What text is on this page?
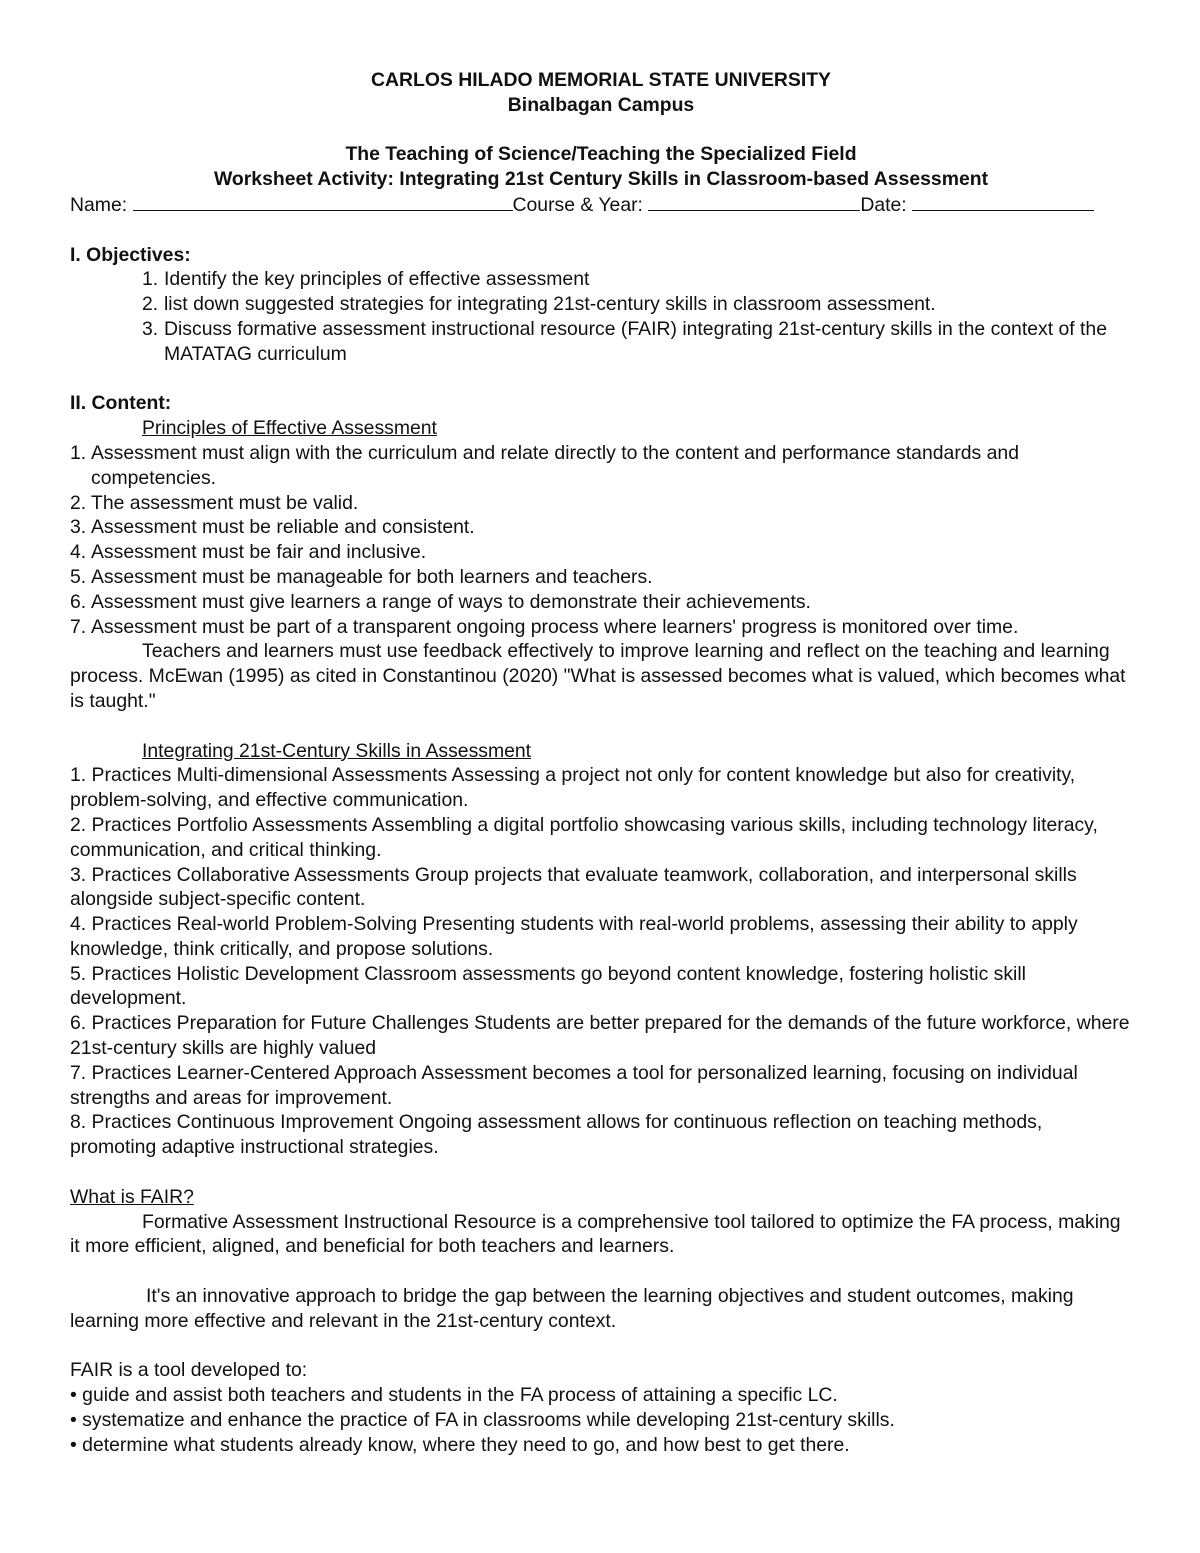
CARLOS HILADO MEMORIAL STATE UNIVERSITY
Binalbagan Campus
The Teaching of Science/Teaching the Specialized Field
Worksheet Activity: Integrating 21st Century Skills in Classroom-based Assessment
Name:	Course & Year:	Date:
I. Objectives:
1. Identify the key principles of effective assessment
2. list down suggested strategies for integrating 21st-century skills in classroom assessment.
3. Discuss formative assessment instructional resource (FAIR) integrating 21st-century skills in the context of the MATATAG curriculum
II. Content:
Principles of Effective Assessment
1. Assessment must align with the curriculum and relate directly to the content and performance standards and competencies.
2. The assessment must be valid.
3. Assessment must be reliable and consistent.
4. Assessment must be fair and inclusive.
5. Assessment must be manageable for both learners and teachers.
6. Assessment must give learners a range of ways to demonstrate their achievements.
7. Assessment must be part of a transparent ongoing process where learners' progress is monitored over time.
Teachers and learners must use feedback effectively to improve learning and reflect on the teaching and learning process. McEwan (1995) as cited in Constantinou (2020) "What is assessed becomes what is valued, which becomes what is taught."
Integrating 21st-Century Skills in Assessment
1. Practices Multi-dimensional Assessments Assessing a project not only for content knowledge but also for creativity, problem-solving, and effective communication.
2. Practices Portfolio Assessments Assembling a digital portfolio showcasing various skills, including technology literacy, communication, and critical thinking.
3. Practices Collaborative Assessments Group projects that evaluate teamwork, collaboration, and interpersonal skills alongside subject-specific content.
4. Practices Real-world Problem-Solving Presenting students with real-world problems, assessing their ability to apply knowledge, think critically, and propose solutions.
5. Practices Holistic Development Classroom assessments go beyond content knowledge, fostering holistic skill development.
6. Practices Preparation for Future Challenges Students are better prepared for the demands of the future workforce, where 21st-century skills are highly valued
7. Practices Learner-Centered Approach Assessment becomes a tool for personalized learning, focusing on individual strengths and areas for improvement.
8. Practices Continuous Improvement Ongoing assessment allows for continuous reflection on teaching methods, promoting adaptive instructional strategies.
What is FAIR?
Formative Assessment Instructional Resource is a comprehensive tool tailored to optimize the FA process, making it more efficient, aligned, and beneficial for both teachers and learners.
It's an innovative approach to bridge the gap between the learning objectives and student outcomes, making learning more effective and relevant in the 21st-century context.
FAIR is a tool developed to:
• guide and assist both teachers and students in the FA process of attaining a specific LC.
• systematize and enhance the practice of FA in classrooms while developing 21st-century skills.
• determine what students already know, where they need to go, and how best to get there.
